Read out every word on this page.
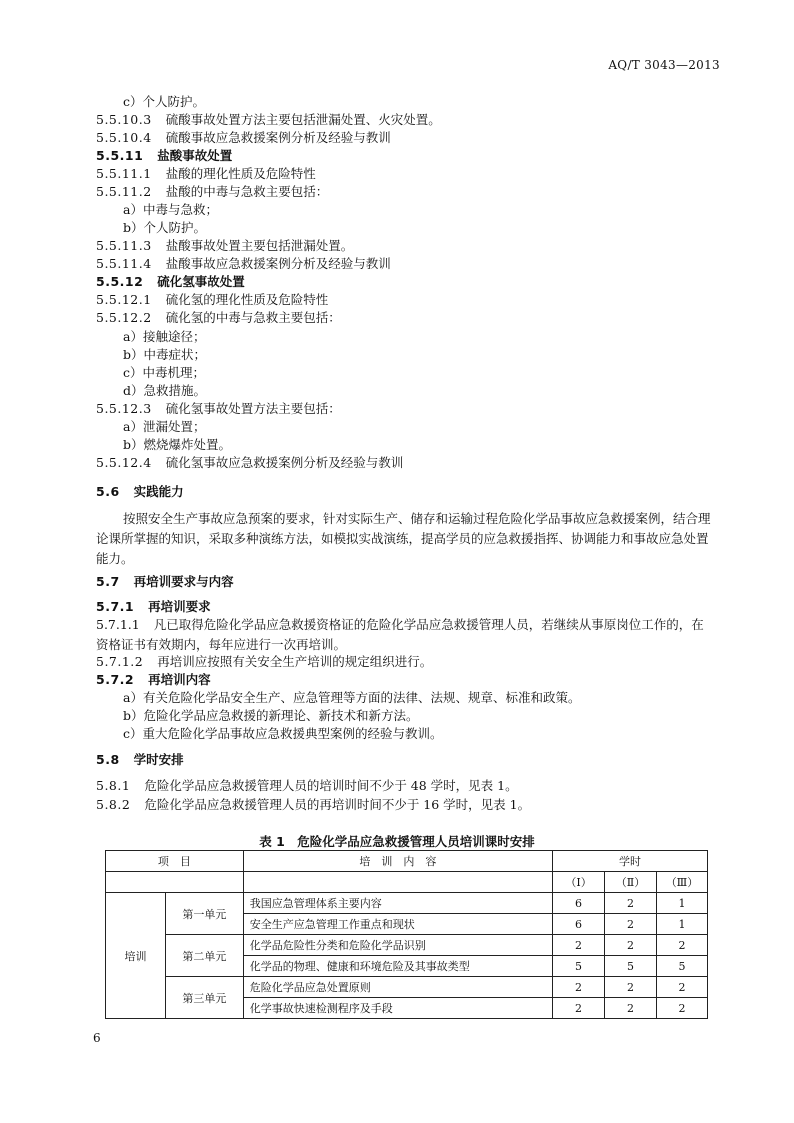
AQ/T 3043—2013
c）个人防护。
5.5.10.3 硫酸事故处置方法主要包括泄漏处置、火灾处置。
5.5.10.4 硫酸事故应急救援案例分析及经验与教训
5.5.11 盐酸事故处置
5.5.11.1 盐酸的理化性质及危险特性
5.5.11.2 盐酸的中毒与急救主要包括：
a）中毒与急救；
b）个人防护。
5.5.11.3 盐酸事故处置主要包括泄漏处置。
5.5.11.4 盐酸事故应急救援案例分析及经验与教训
5.5.12 硫化氢事故处置
5.5.12.1 硫化氢的理化性质及危险特性
5.5.12.2 硫化氢的中毒与急救主要包括：
a）接触途径；
b）中毒症状；
c）中毒机理；
d）急救措施。
5.5.12.3 硫化氢事故处置方法主要包括：
a）泄漏处置；
b）燃烧爆炸处置。
5.5.12.4 硫化氢事故应急救援案例分析及经验与教训
5.6 实践能力
按照安全生产事故应急预案的要求，针对实际生产、储存和运输过程危险化学品事故应急救援案例，结合理论课所掌握的知识，采取多种演练方法，如模拟实战演练，提高学员的应急救援指挥、协调能力和事故应急处置能力。
5.7 再培训要求与内容
5.7.1 再培训要求
5.7.1.1 凡已取得危险化学品应急救援资格证的危险化学品应急救援管理人员，若继续从事原岗位工作的，在资格证书有效期内，每年应进行一次再培训。
5.7.1.2 再培训应按照有关安全生产培训的规定组织进行。
5.7.2 再培训内容
a）有关危险化学品安全生产、应急管理等方面的法律、法规、规章、标准和政策。
b）危险化学品应急救援的新理论、新技术和新方法。
c）重大危险化学品事故应急救援典型案例的经验与教训。
5.8 学时安排
5.8.1 危险化学品应急救援管理人员的培训时间不少于 48 学时，见表 1。
5.8.2 危险化学品应急救援管理人员的再培训时间不少于 16 学时，见表 1。
表 1　危险化学品应急救援管理人员培训课时安排
项　目		培　训　内　容	学时		
			（Ⅰ）	（Ⅱ）	（Ⅲ）
培训	第一单元	我国应急管理体系主要内容	6	2	1
		安全生产应急管理工作重点和现状	6	2	1
	第二单元	化学品危险性分类和危险化学品识别	2	2	2
		化学品的物理、健康和环境危险及其事故类型	5	5	5
	第三单元	危险化学品应急处置原则	2	2	2
		化学事故快速检测程序及手段	2	2	2
6
